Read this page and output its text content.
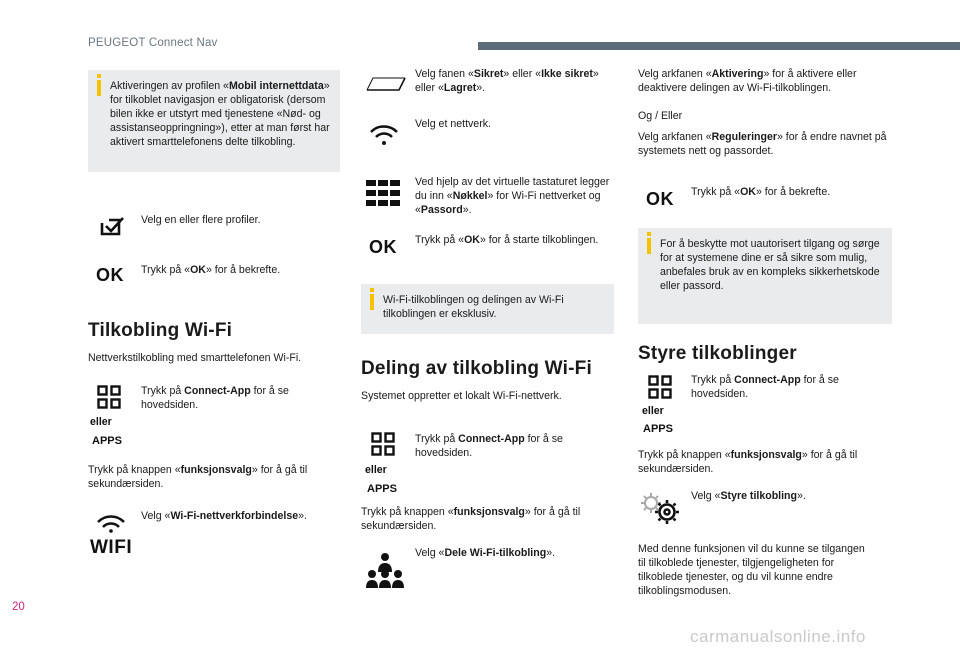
PEUGEOT Connect Nav
Aktiveringen av profilen «Mobil internettdata» for tilkoblet navigasjon er obligatorisk (dersom bilen ikke er utstyrt med tjenestene «Nød- og assistanseoppringning»), etter at man først har aktivert smarttelefonens delte tilkobling.
Velg en eller flere profiler.
OK Trykk på «OK» for å bekrefte.
Tilkobling Wi-Fi
Nettverkstilkobling med smarttelefonen Wi-Fi.
eller
APPS
Trykk på Connect-App for å se hovedsiden.
Trykk på knappen «funksjonsvalg» for å gå til sekundærsiden.
WIFI
Velg «Wi-Fi-nettverkforbindelse».
Velg fanen «Sikret» eller «Ikke sikret» eller «Lagret».
Velg et nettverk.
Ved hjelp av det virtuelle tastaturet legger du inn «Nøkkel» for Wi-Fi nettverket og «Passord».
OK Trykk på «OK» for å starte tilkoblingen.
Wi-Fi-tilkoblingen og delingen av Wi-Fi tilkoblingen er eksklusiv.
Deling av tilkobling Wi-Fi
Systemet oppretter et lokalt Wi-Fi-nettverk.
eller
APPS
Trykk på Connect-App for å se hovedsiden.
Trykk på knappen «funksjonsvalg» for å gå til sekundærsiden.
Velg «Dele Wi-Fi-tilkobling».
Velg arkfanen «Aktivering» for å aktivere eller deaktivere delingen av Wi-Fi-tilkoblingen.
Og / Eller
Velg arkfanen «Reguleringer» for å endre navnet på systemets nett og passordet.
OK Trykk på «OK» for å bekrefte.
For å beskytte mot uautorisert tilgang og sørge for at systemene dine er så sikre som mulig, anbefales bruk av en kompleks sikkerhetskode eller passord.
Styre tilkoblinger
eller
APPS
Trykk på Connect-App for å se hovedsiden.
Trykk på knappen «funksjonsvalg» for å gå til sekundærsiden.
Velg «Styre tilkobling».
Med denne funksjonen vil du kunne se tilgangen til tilkoblede tjenester, tilgjengeligheten for tilkoblede tjenester, og du vil kunne endre tilkoblingsmodusen.
20
carmanualsonline.info
